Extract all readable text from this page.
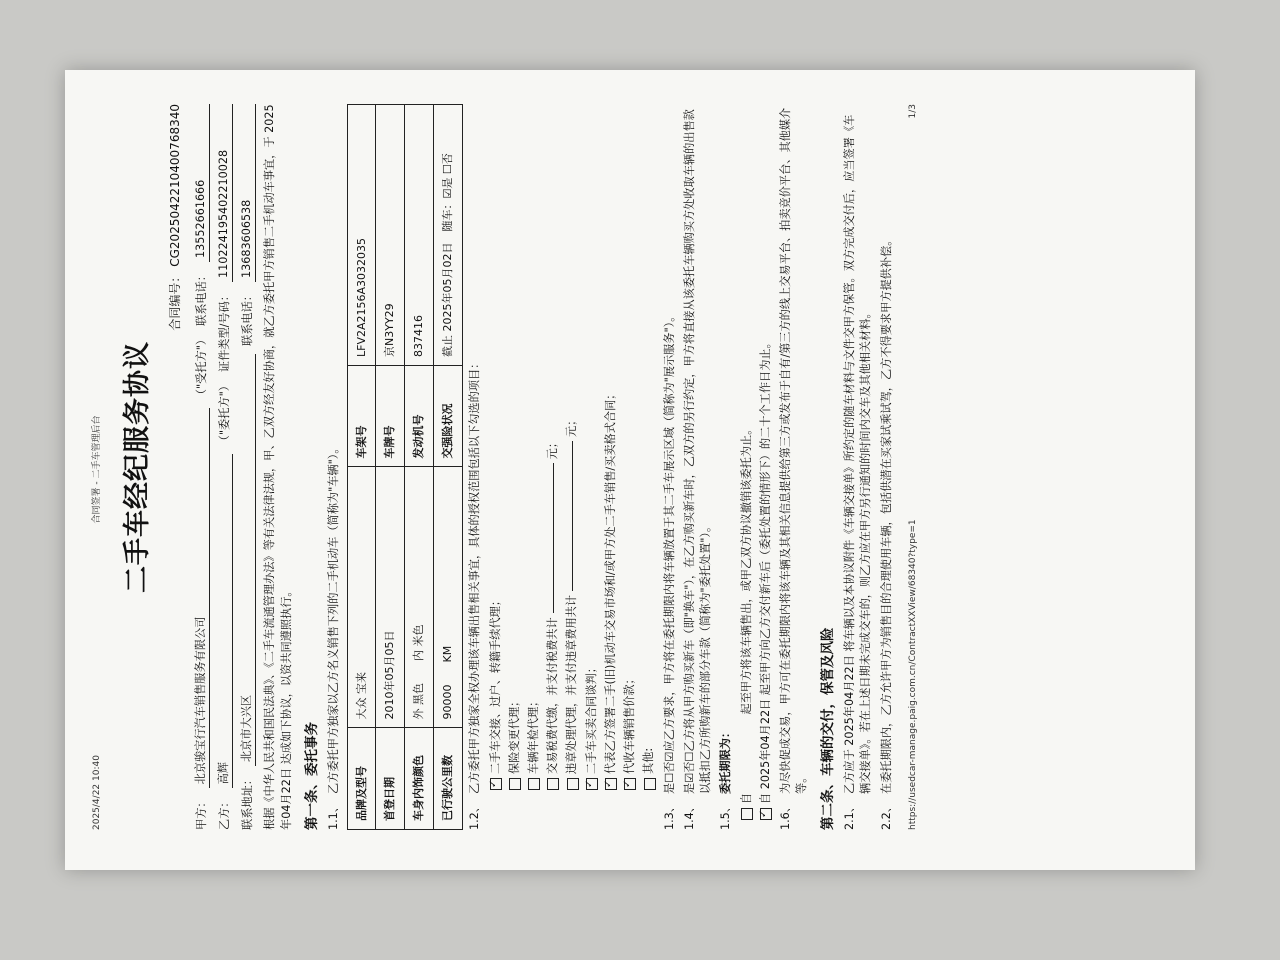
2025/4/22 10:40
合同签署 - 二手车管理后台 二手车经纪服务协议
合同编号： CG20250422104007683​40
甲方：
北京骏宝行汽车销售服务有限公司
（"受托方"）
联系电话：
13552661666
乙方：
高辉
（"委托方"）
证件类型/号码：
110224195402210028
联系地址：
北京市大兴区
联系电话：
13683606538 根据《中华人民共和国民法典》、《二手车流通管理办法》等有关法律法规，甲、乙双方经友好协商，就乙方委托甲方销售二手机动车事宜，于 2025年04月22日 达成如下协议，以资共同遵照执行。 第一条、委托事务 1.1、
乙方委托甲方独家以乙方名义销售下列的二手机动车（简称为"车辆"）。 品牌及型号	大众 宝来	车架号	LFV2A2156A3032035
首登日期	2010年05月05日	车牌号	京N3YY29
车身内饰颜色	外 黑色　　内 米色	发动机号	837416
已行驶公里数	90000　　KM	交强险状况	截止 2025年05月02日　随车：☑是 ☐否
1.2、
乙方委托甲方独家全权办理该车辆出售相关事宜，具体的授权范围包括以下勾选的项目：
✓ 二手车交接、过户、转籍手续代理； 保险变更代理； 车辆年检代理； 交易税费代缴，并支付税费共计
元；
违章处理代理，并支付违章费用共计
元；
✓
二手车买卖合同谈判；
✓ 代表乙方签署二手(旧)机动车交易市场和/或甲方处二手车销售/买卖格式合同；
✓ 代收车辆销售价款； 其他:
1.3、
是☐否☑应乙方要求，甲方将在委托期限内将车辆放置于其二手车展示区域（简称为"展示服务"）。
1.4、
是☑否☐乙方将从甲方购买新车（即"换车"），在乙方购买新车时，乙双方的另行约定，甲方将直接从该委托车辆购买方处收取车辆的出售款以抵扣乙方所购新车的部分车款（简称为"委托处置"）。
1.5、
委托期限为： 自　　　　　　　起至甲方将该车辆售出，或甲乙双方协议撤销该委托为止。
✓ 自 2025年04月22日 起至甲方向乙方交付新车后（委托处置的情形下）的二十个工作日为止。
1.6、
为尽快促成交易，甲方可在委托期限内将该车辆及其相关信息提供给第三方或发布于自有/第三方的线上交易平台、拍卖竞价平台、其他媒介等。 第二条、车辆的交付，保管及风险 2.1、
乙方应于 2025年04月22日 将车辆以及本协议附件《车辆交接单》所约定的随车材料与文件交甲方保管。双方完成交付后，应当签署《车辆交接单》。若在上述日期未完成交车的，则乙方应在甲方另行通知的时间内交车及其他相关材料。
2.2、
在委托期限内，乙方允许甲方为销售目的合理使用车辆，包括供潜在买家试乘试驾，乙方不得要求甲方提供补偿。 https://usedcar-manage.paig.com.cn/ContractXXView/68340?type=1
1/3
